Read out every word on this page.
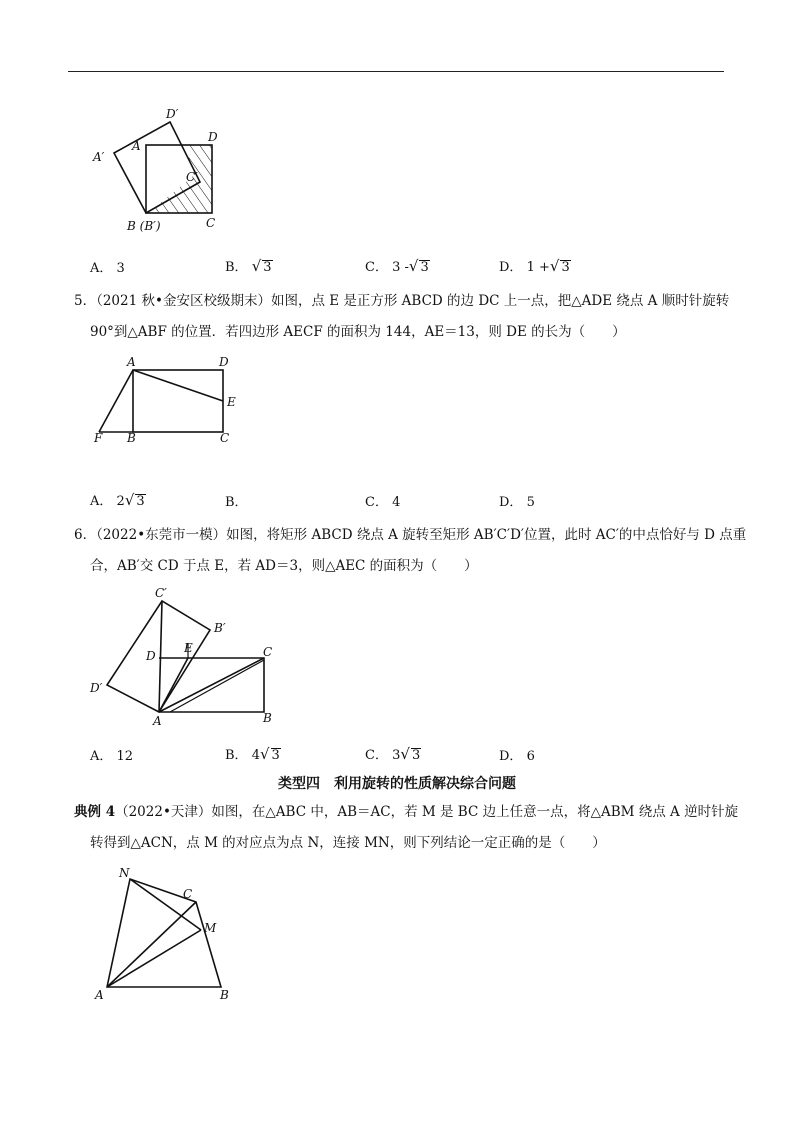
D′
D
A′
A
C′
B (B′)	C
A． 3	B． √ 3	C． 3 -√ 3	D． 1 +√ 3
5．（2021 秋•金安区校级期末）如图，点 E 是正方形 ABCD 的边 DC 上一点，把△ADE 绕点 A 顺时针旋转
90°到△ABF 的位置．若四边形 AECF 的面积为 144，AE＝13，则 DE 的长为（　　）
A	D
E
F B	C
A． 2√ 3	B．	C． 4	D． 5
6．（2022•东莞市一模）如图，将矩形 ABCD 绕点 A 旋转至矩形 AB′C′D′位置，此时 AC′的中点恰好与 D 点重
合，AB′交 CD 于点 E，若 AD＝3，则△AEC 的面积为（　　）
C′
B′
D
E	C
D′
A	B
A． 12	B． 4√ 3	C． 3√ 3	D． 6
类型四　利用旋转的性质解决综合问题
典例 4（2022•天津）如图，在△ABC 中，AB＝AC，若 M 是 BC 边上任意一点，将△ABM 绕点 A 逆时针旋
转得到△ACN，点 M 的对应点为点 N，连接 MN，则下列结论一定正确的是（　　）
N
C
M
A	B
